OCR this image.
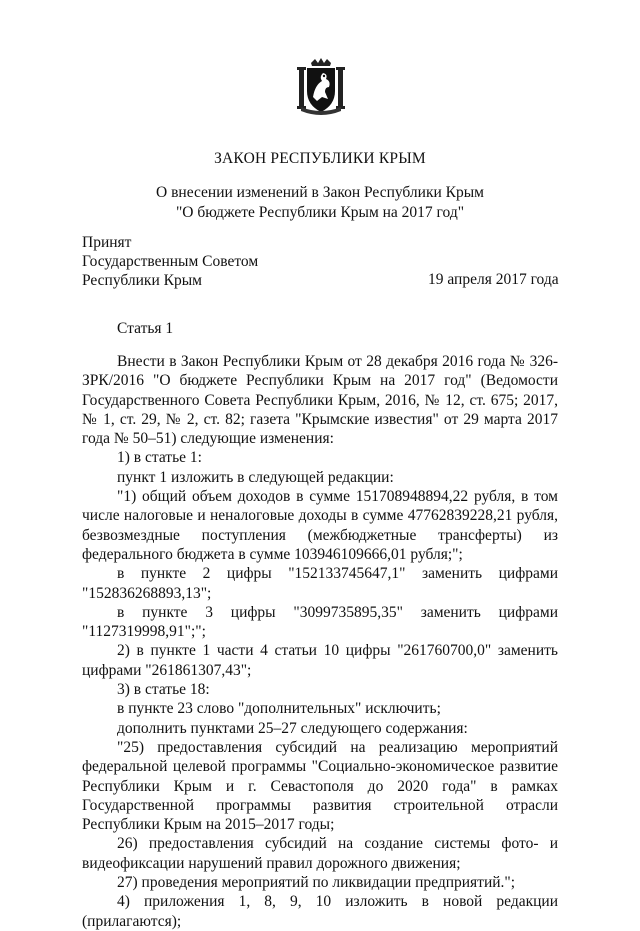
ЗАКОН РЕСПУБЛИКИ КРЫМ
О внесении изменений в Закон Республики Крым
"О бюджете Республики Крым на 2017 год"
Принят
Государственным Советом
Республики Крым	19 апреля 2017 года
Статья 1

Внести в Закон Республики Крым от 28 декабря 2016 года № 326-ЗРК/2016 "О бюджете Республики Крым на 2017 год" (Ведомости Государственного Совета Республики Крым, 2016, № 12, ст. 675; 2017, № 1, ст. 29, № 2, ст. 82; газета "Крымские известия" от 29 марта 2017 года № 50–51) следующие изменения:

1) в статье 1:

пункт 1 изложить в следующей редакции:

"1) общий объем доходов в сумме 151708948894,22 рубля, в том числе налоговые и неналоговые доходы в сумме 47762839228,21 рубля, безвозмездные поступления (межбюджетные трансферты) из федерального бюджета в сумме 103946109666,01 рубля;";

в пункте 2 цифры "152133745647,1" заменить цифрами "152836268893,13";

в пункте 3 цифры "3099735895,35" заменить цифрами "1127319998,91";";

2) в пункте 1 части 4 статьи 10 цифры "261760700,0" заменить цифрами "261861307,43";

3) в статье 18:

в пункте 23 слово "дополнительных" исключить;

дополнить пунктами 25–27 следующего содержания:

"25) предоставления субсидий на реализацию мероприятий федеральной целевой программы "Социально-экономическое развитие Республики Крым и г. Севастополя до 2020 года" в рамках Государственной программы развития строительной отрасли Республики Крым на 2015–2017 годы;

26) предоставления субсидий на создание системы фото- и видеофиксации нарушений правил дорожного движения;

27) проведения мероприятий по ликвидации предприятий.";

4) приложения 1, 8, 9, 10 изложить в новой редакции (прилагаются);
